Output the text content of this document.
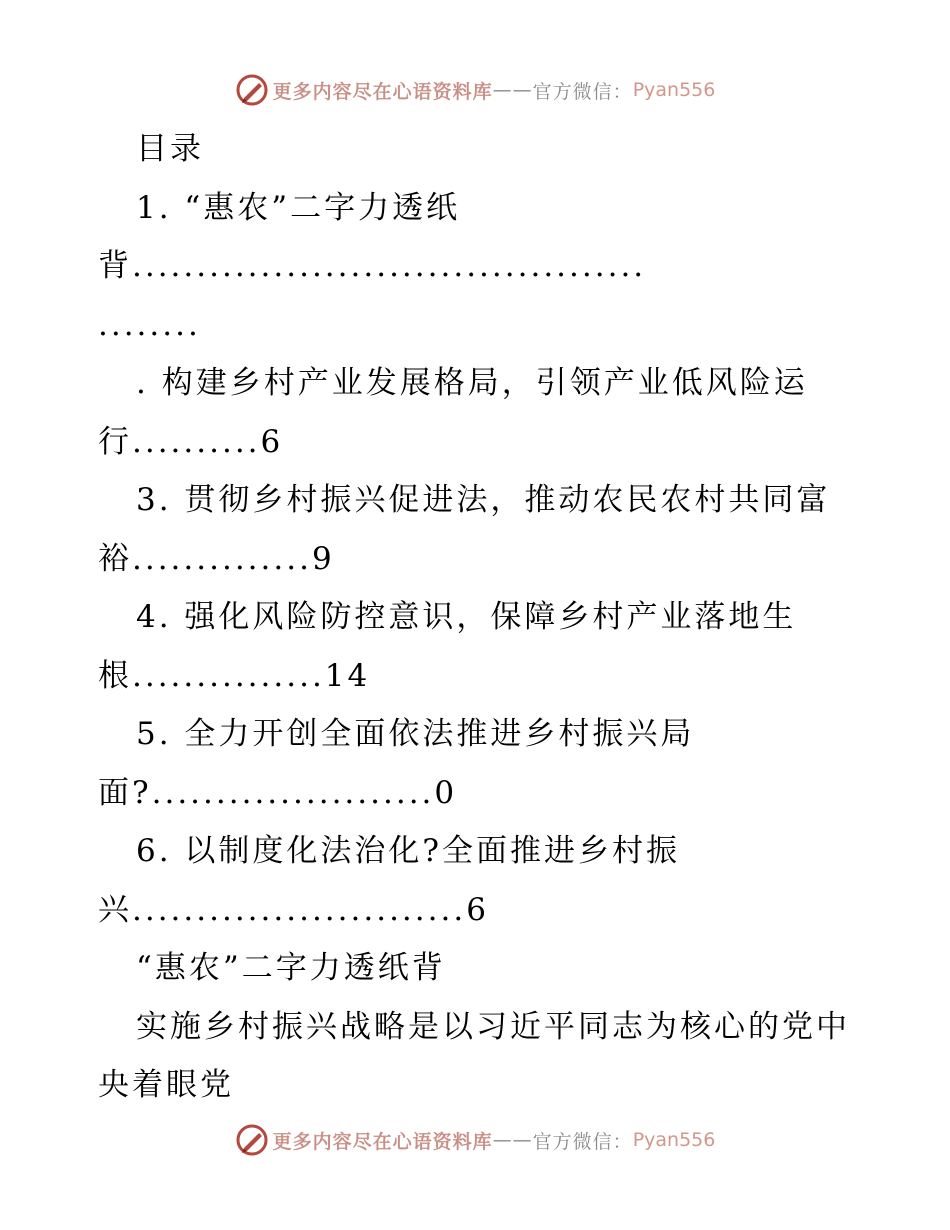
更多内容尽在心语资料库 —— 官方微信： Pyan556
目录
1. “惠农”二字力透纸
背........................................
........
. 构建乡村产业发展格局，引领产业低风险运
行..........6
3. 贯彻乡村振兴促进法，推动农民农村共同富
裕..............9
4. 强化风险防控意识，保障乡村产业落地生
根...............14
5. 全力开创全面依法推进乡村振兴局
面?......................0
6. 以制度化法治化?全面推进乡村振
兴..........................6
“惠农”二字力透纸背
实施乡村振兴战略是以习近平同志为核心的党中
央着眼党
更多内容尽在心语资料库 —— 官方微信： Pyan556
